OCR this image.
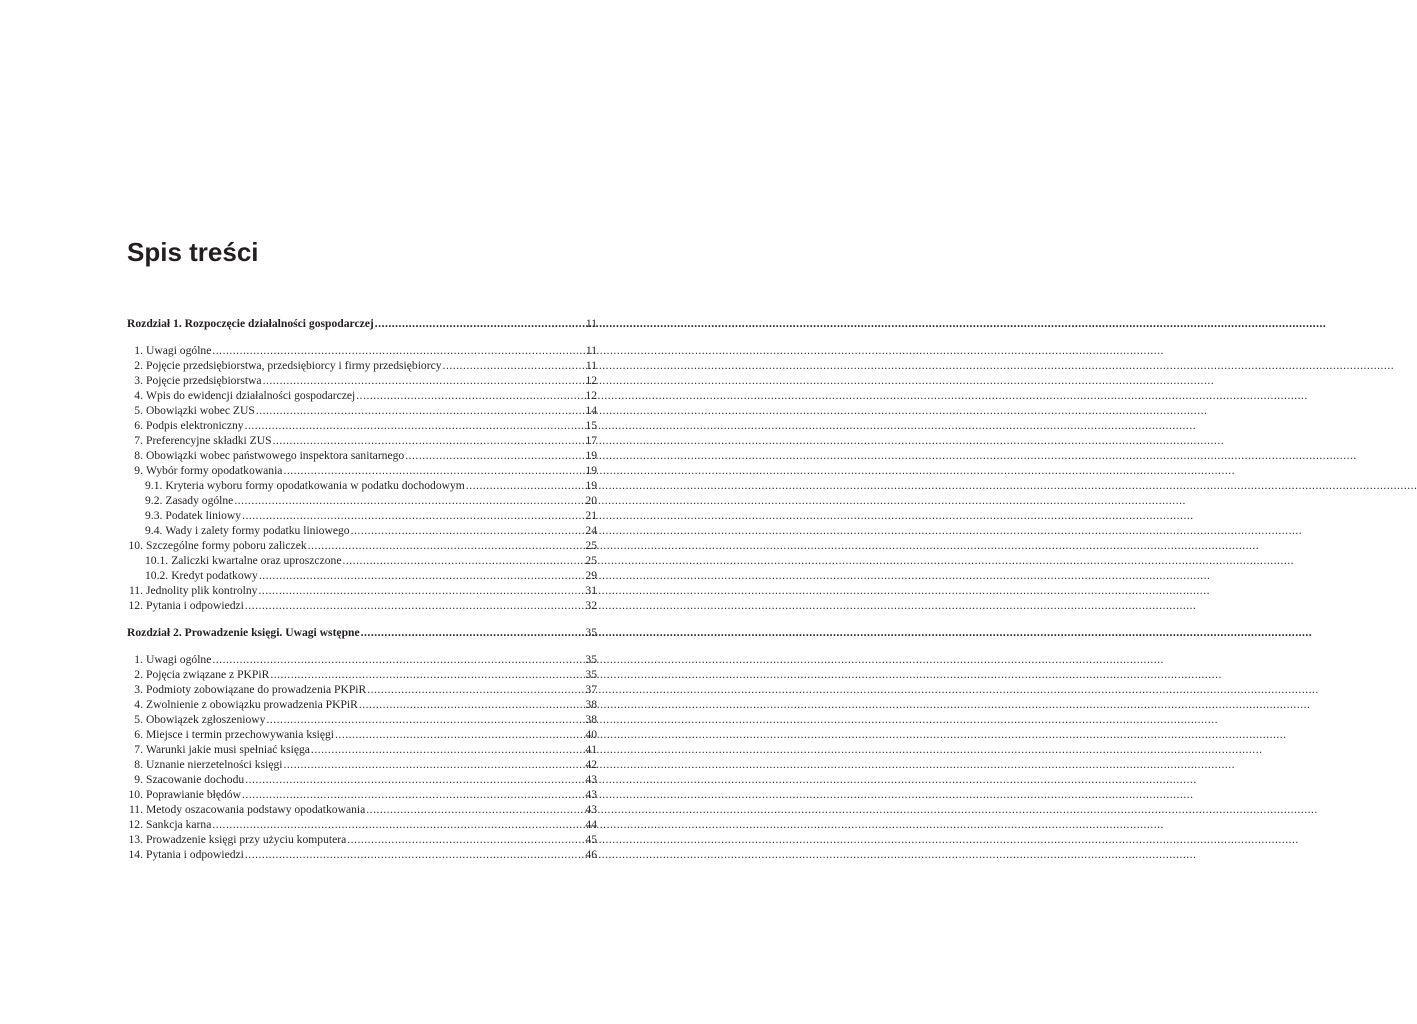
Spis treści
Rozdział 1. Rozpoczęcie działalności gospodarczej .....	11
1. Uwagi ogólne .....	11
2. Pojęcie przedsiębiorstwa, przedsiębiorcy i firmy przedsiębiorcy .....	11
3. Pojęcie przedsiębiorstwa .....	12
4. Wpis do ewidencji działalności gospodarczej .....	12
5. Obowiązki wobec ZUS .....	14
6. Podpis elektroniczny .....	15
7. Preferencyjne składki ZUS .....	17
8. Obowiązki wobec państwowego inspektora sanitarnego .....	19
9. Wybór formy opodatkowania .....	19
9.1. Kryteria wyboru formy opodatkowania w podatku dochodowym .....	19
9.2. Zasady ogólne .....	20
9.3. Podatek liniowy .....	21
9.4. Wady i zalety formy podatku liniowego .....	24
10. Szczególne formy poboru zaliczek .....	25
10.1. Zaliczki kwartalne oraz uproszczone .....	25
10.2. Kredyt podatkowy .....	29
11. Jednolity plik kontrolny .....	31
12. Pytania i odpowiedzi .....	32
Rozdział 2. Prowadzenie księgi. Uwagi wstępne .....	35
1. Uwagi ogólne .....	35
2. Pojęcia związane z PKPiR .....	35
3. Podmioty zobowiązane do prowadzenia PKPiR .....	37
4. Zwolnienie z obowiązku prowadzenia PKPiR .....	38
5. Obowiązek zgłoszeniowy .....	38
6. Miejsce i termin przechowywania księgi .....	40
7. Warunki jakie musi spełniać księga .....	41
8. Uznanie nierzetelności księgi .....	42
9. Szacowanie dochodu .....	43
10. Poprawianie błędów .....	43
11. Metody oszacowania podstawy opodatkowania .....	43
12. Sankcja karna .....	44
13. Prowadzenie księgi przy użyciu komputera .....	45
14. Pytania i odpowiedzi .....	46
